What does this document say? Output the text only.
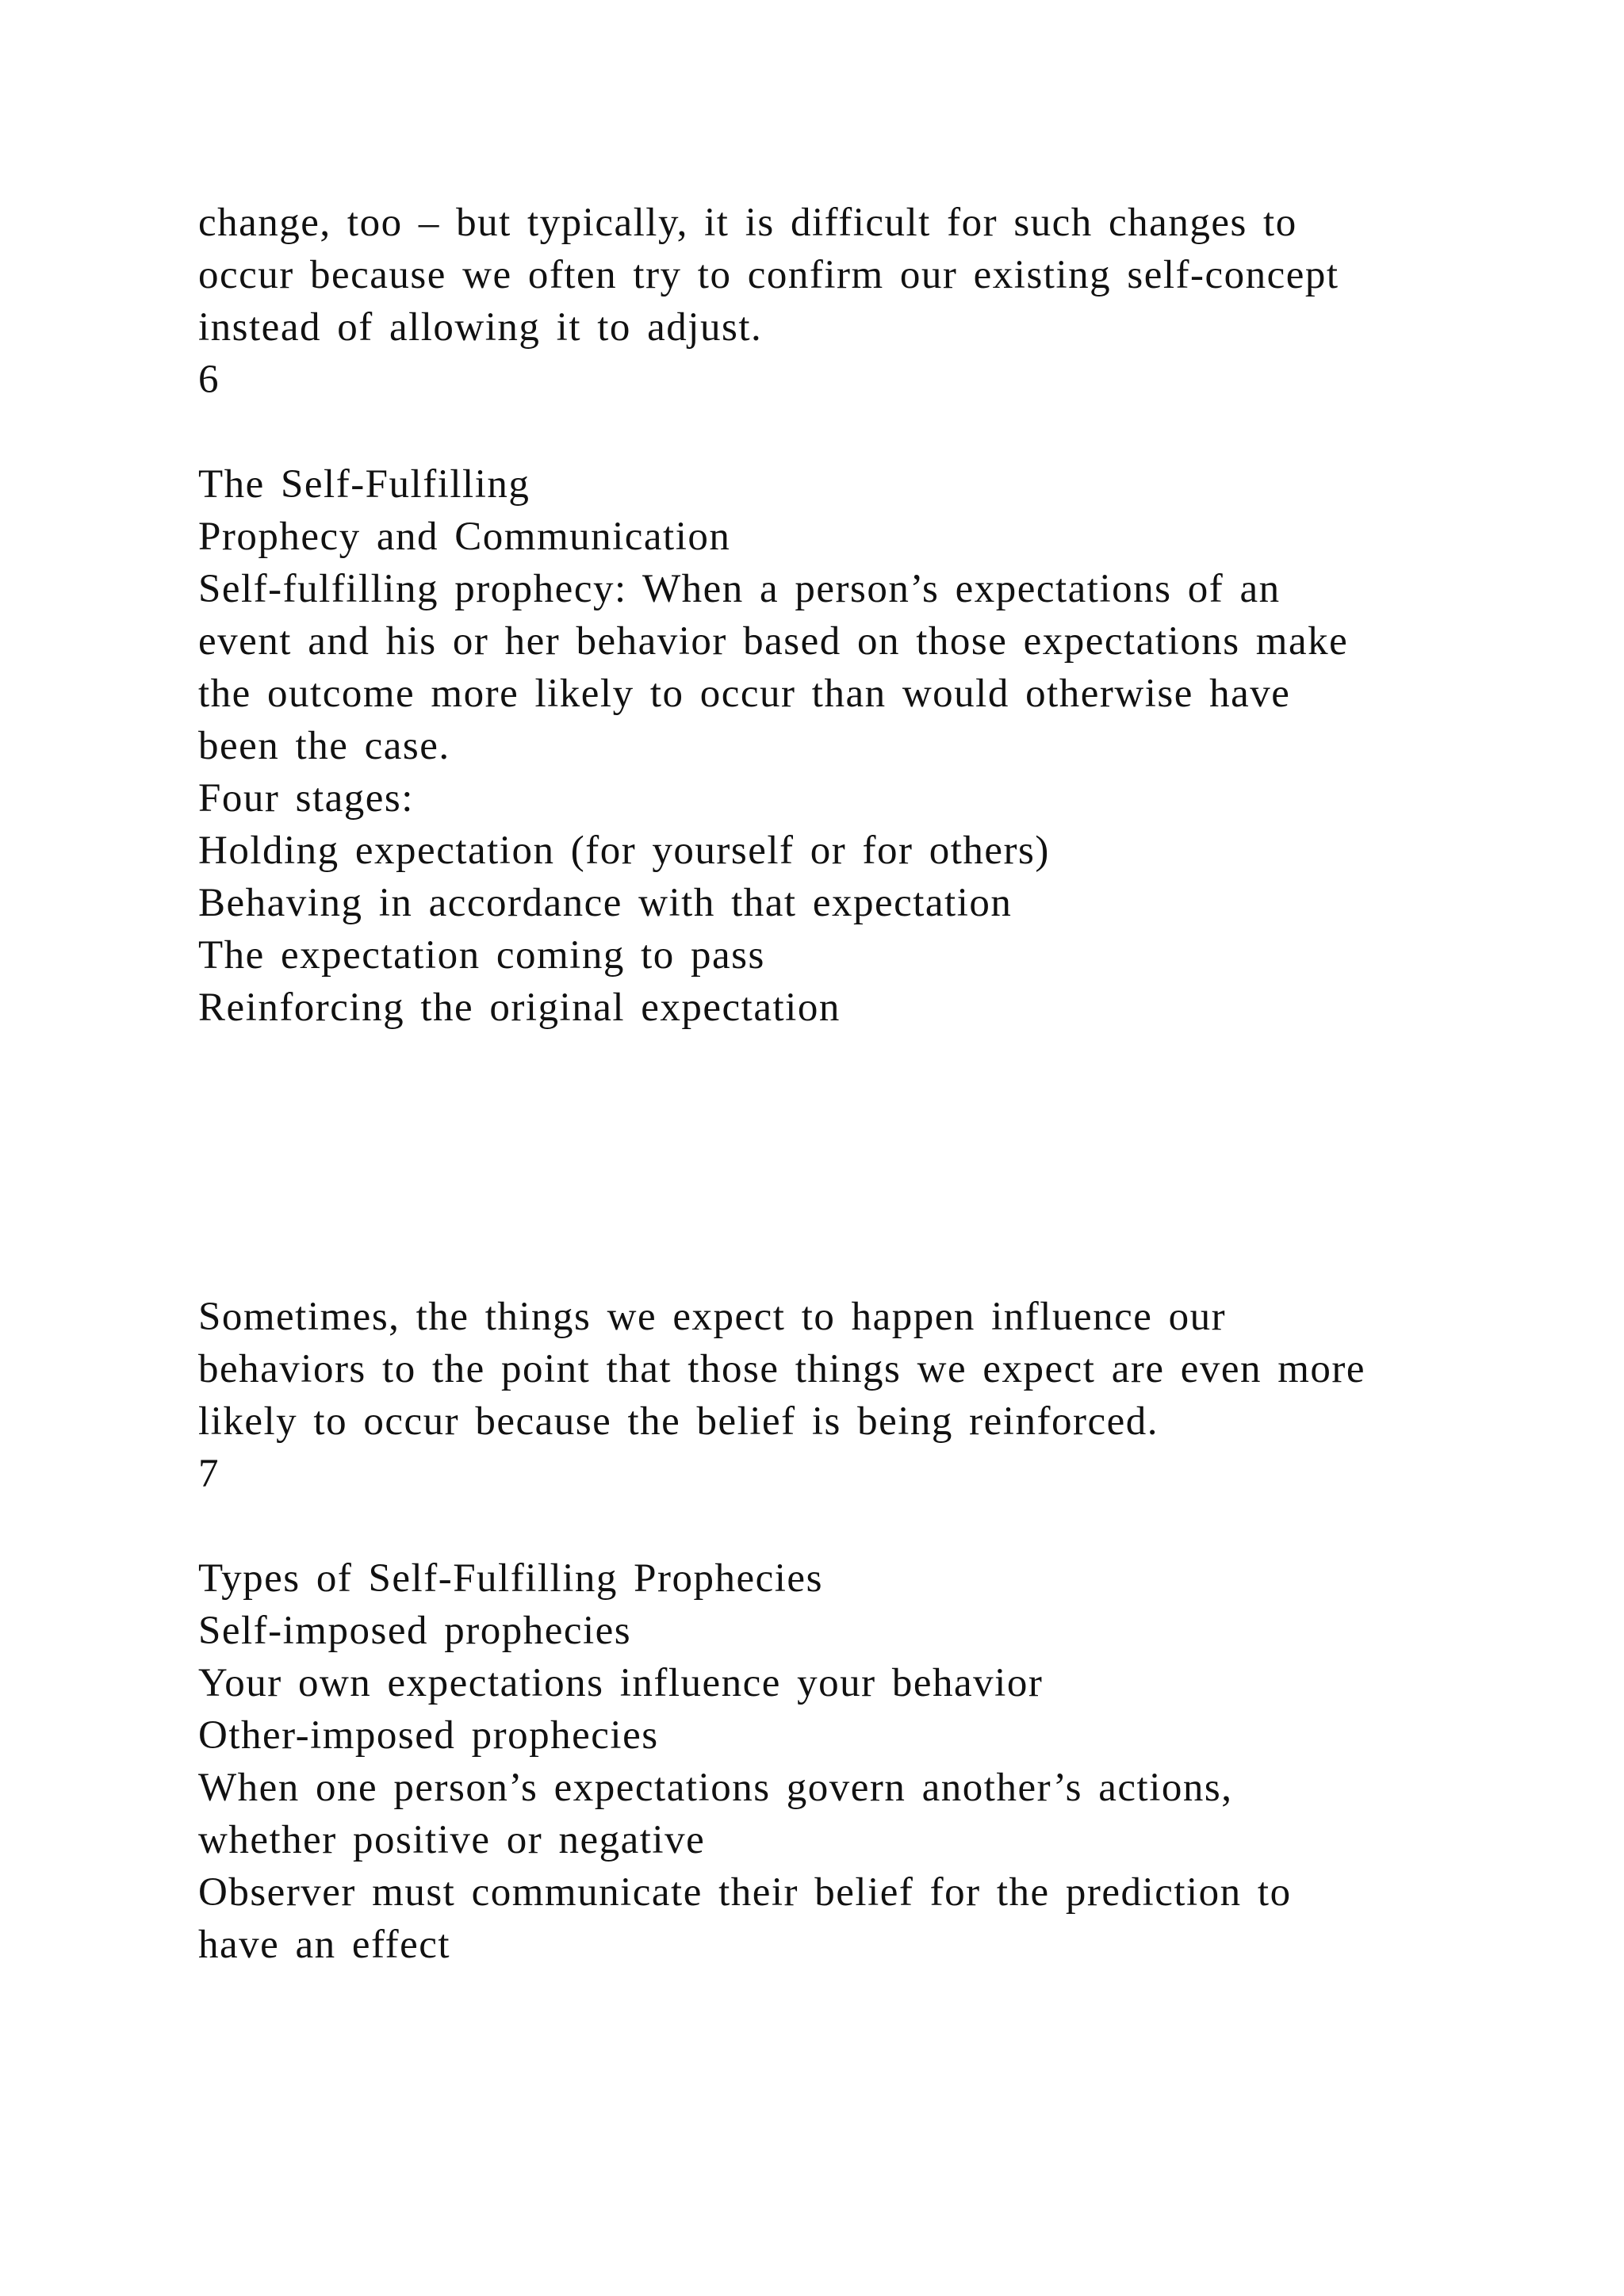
change, too – but typically, it is difficult for such changes to
occur because we often try to confirm our existing self-concept
instead of allowing it to adjust.
6
The Self-Fulfilling
Prophecy and Communication
Self-fulfilling prophecy: When a person’s expectations of an
event and his or her behavior based on those expectations make
the outcome more likely to occur than would otherwise have
been the case.
Four stages:
Holding expectation (for yourself or for others)
Behaving in accordance with that expectation
The expectation coming to pass
Reinforcing the original expectation
Sometimes, the things we expect to happen influence our
behaviors to the point that those things we expect are even more
likely to occur because the belief is being reinforced.
7
Types of Self-Fulfilling Prophecies
Self-imposed prophecies
Your own expectations influence your behavior
Other-imposed prophecies
When one person’s expectations govern another’s actions,
whether positive or negative
Observer must communicate their belief for the prediction to
have an effect
